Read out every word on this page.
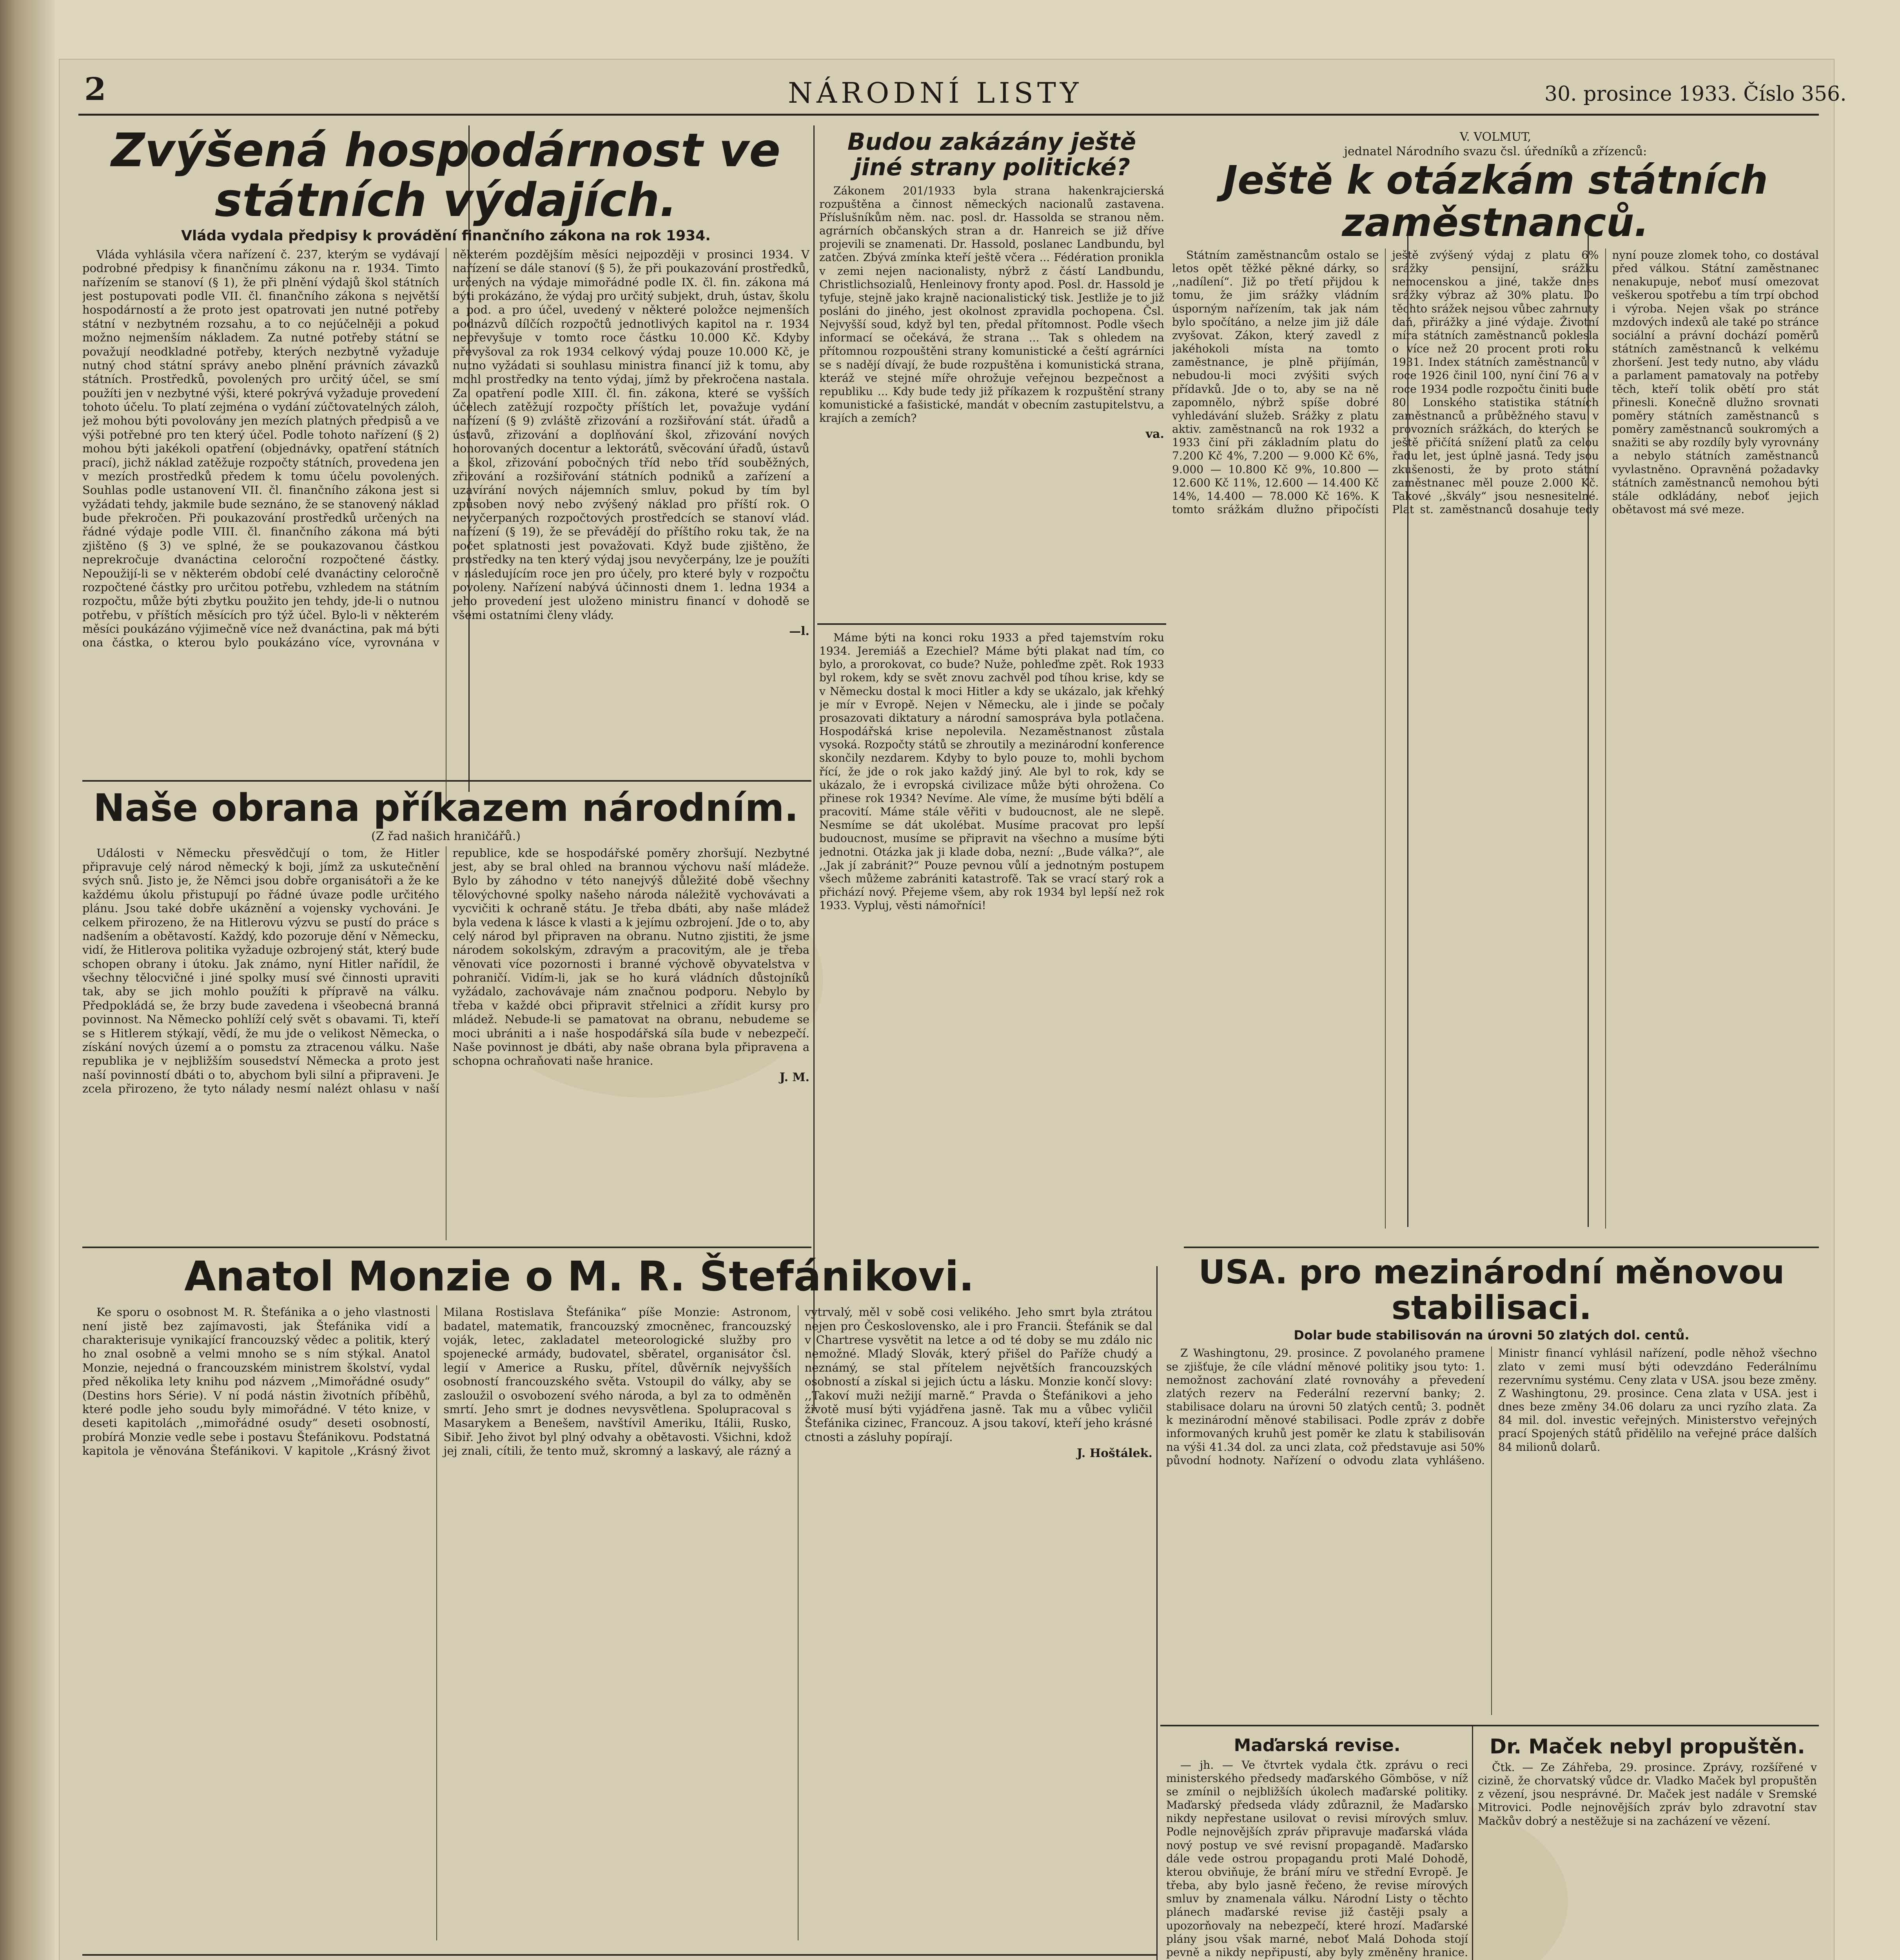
2	NÁRODNÍ LISTY	30. prosince 1933. Číslo 356.
Zvýšená hospodárnost ve státních výdajích.
Vláda vydala předpisy k provádění finančního zákona na rok 1934.

Vláda vyhlásila včera nařízení č. 237, kterým se vydávají podrobné předpisy k finančnímu zákonu na r. 1934. Timto nařízením se stanoví (§ 1), že při plnění výdajů škol státních jest postupovati podle VII. čl. finančního zákona s největší hospodárností a že proto jest opatrovati jen nutné potřeby státní v nezbytném rozsahu, a to co nejúčelněji a pokud možno nejmenším nákladem. Za nutné potřeby státní se považují neodkladné potřeby, kterých nezbytně vyžaduje nutný chod státní správy anebo plnění právních závazků státních. Prostředků, povolených pro určitý účel, se smí použíti jen v nezbytné výši, které pokrývá vyžaduje provedení tohoto účelu. To platí zejména o vydání zúčtovatelných záloh, jež mohou býti povolovány jen mezích platných předpisů a ve výši potřebné pro ten který účel. Podle tohoto nařízení (§ 2) mohou býti jakékoli opatření (objednávky, opatření státních prací), jichž náklad zatěžuje rozpočty státních, provedena jen v mezích prostředků předem k tomu účelu povolených. Souhlas podle ustanovení VII. čl. finančního zákona jest si vyžádati tehdy, jakmile bude seznáno, že se stanovený náklad bude překročen. Při poukazování prostředků určených na řádné výdaje podle VIII. čl. finančního zákona má býti zjištěno (§ 3) ve splné, že se poukazovanou částkou neprekročuje dvanáctina celoroční rozpočtené částky. Nepoužijí-li se v některém období celé dvanáctiny celoročně rozpočtené částky pro určitou potřebu, vzhledem na státním rozpočtu, může býti zbytku použito jen tehdy, jde-li o nutnou potřebu, v příštích měsících pro týž účel. Bylo-li v některém měsíci poukázáno výjimečně více než dvanáctina, pak má býti ona částka, o kterou bylo poukázáno více, vyrovnána v některém pozdějším měsíci nejpozději v prosinci 1934. V nařízení se dále stanoví (§ 5), že při poukazování prostředků, určených na výdaje mimořádné podle IX. čl. fin. zákona má býti prokázáno, že výdaj pro určitý subjekt, druh, ústav, školu a pod. a pro účel, uvedený v některé položce nejmenších podnázvů dílčích rozpočtů jednotlivých kapitol na r. 1934 nepřevyšuje v tomto roce částku 10.000 Kč. Kdyby převyšoval za rok 1934 celkový výdaj pouze 10.000 Kč, je nutno vyžádati si souhlasu ministra financí již k tomu, aby mohl prostředky na tento výdaj, jímž by překročena nastala. Za opatření podle XIII. čl. fin. zákona, které se vyšších účelech zatěžují rozpočty příštích let, považuje vydání nařízení (§ 9) zvláště zřizování a rozšiřování stát. úřadů a ústavů, zřizování a doplňování škol, zřizování nových honorovaných docentur a lektorátů, svěcování úřadů, ústavů a škol, zřizování pobočných tříd nebo tříd souběžných, zřizování a rozšiřování státních podniků a zařízení a uzavírání nových nájemních smluv, pokud by tím byl způsoben nový nebo zvýšený náklad pro příští rok. O nevyčerpaných rozpočtových prostředcích se stanoví vlád. nařízení (§ 19), že se převádějí do příštího roku tak, že na počet splatnosti jest považovati. Když bude zjištěno, že prostředky na ten který výdaj jsou nevyčerpány, lze je použíti v následujícím roce jen pro účely, pro které byly v rozpočtu povoleny. Nařízení nabývá účinnosti dnem 1. ledna 1934 a jeho provedení jest uloženo ministru financí v dohodě se všemi ostatními členy vlády.

—l.
Budou zakázány ještě jiné strany politické?

Zákonem 201/1933 byla strana hakenkrajcierská rozpuštěna a činnost německých nacionalů zastavena. Příslušníkům něm. nac. posl. dr. Hassolda se stranou něm. agrárních občanských stran a dr. Hanreich se již dříve projevili se znamenati. Dr. Hassold, poslanec Landbundu, byl zatčen. Zbývá zmínka kteří ještě včera ... Fédération pronikla v zemi nejen nacionalisty, nýbrž z částí Landbundu, Christlichsozialů, Henleinovy fronty apod. Posl. dr. Hassold je tyfuje, stejně jako krajně nacionalistický tisk. Jestliže je to již posláni do jiného, jest okolnost zpravidla pochopena. Čsl. Nejvyšší soud, když byl ten, předal přítomnost. Podle všech informací se očekává, že strana ... Tak s ohledem na přítomnou rozpouštěni strany komunistické a čeští agrárníci se s nadějí dívají, že bude rozpuštěna i komunistická strana, kteráž ve stejné míře ohrožuje veřejnou bezpečnost a republiku ... Kdy bude tedy již příkazem k rozpuštění strany komunistické a fašistické, mandát v obecním zastupitelstvu, a krajích a zemích?

va.

Máme býti na konci roku 1933 a před tajemstvím roku 1934. Jeremiáš a Ezechiel? Máme býti plakat nad tím, co bylo, a prorokovat, co bude? Nuže, pohleďme zpět. Rok 1933 byl rokem, kdy se svět znovu zachvěl pod tíhou krise, kdy se v Německu dostal k moci Hitler a kdy se ukázalo, jak křehký je mír v Evropě. Nejen v Německu, ale i jinde se počaly prosazovati diktatury a národní samospráva byla potlačena. Hospodářská krise nepolevila. Nezaměstnanost zůstala vysoká. Rozpočty států se zhroutily a mezinárodní konference skončily nezdarem. Kdyby to bylo pouze to, mohli bychom řící, že jde o rok jako každý jiný. Ale byl to rok, kdy se ukázalo, že i evropská civilizace může býti ohrožena. Co přinese rok 1934? Nevíme. Ale víme, že musíme býti bdělí a pracovití. Máme stále věřiti v budoucnost, ale ne slepě. Nesmíme se dát ukolébat. Musíme pracovat pro lepší budoucnost, musíme se připravit na všechno a musíme býti jednotni. Otázka jak ji klade doba, nezní: ,,Bude válka?“, ale ,,Jak jí zabránit?“ Pouze pevnou vůlí a jednotným postupem všech můžeme zabrániti katastrofě. Tak se vrací starý rok a přichází nový. Přejeme všem, aby rok 1934 byl lepší než rok 1933. Vypluj, věsti námořníci!

V. VOLMUT,
jednatel Národního svazu čsl. úředníků a zřízenců:
Ještě k otázkám státních zaměstnanců.

Státním zaměstnancům ostalo se letos opět těžké pěkné dárky, so ,,nadílení“. Již po třetí přijdou k tomu, že jim srážky vládním úsporným nařízením, tak jak nám bylo spočítáno, a nelze jim již dále zvyšovat. Zákon, který zavedl z jakéhokoli místa na tomto zaměstnance, je plně přijímán, nebudou-li moci zvýšiti svých přídavků. Jde o to, aby se na ně zapomnělo, nýbrž spíše dobré vyhledávání služeb. Srážky z platu aktiv. zaměstnanců na rok 1932 a 1933 činí při základním platu do 7.200 Kč 4%, 7.200 — 9.000 Kč 6%, 9.000 — 10.800 Kč 9%, 10.800 — 12.600 Kč 11%, 12.600 — 14.400 Kč 14%, 14.400 — 78.000 Kč 16%. K tomto srážkám dlužno připočísti ještě zvýšený výdaj z platu 6% srážky pensijní, srážku nemocenskou a jiné, takže dnes srážky výbraz až 30% platu. Do těchto srážek nejsou vůbec zahrnuty daň, přirážky a jiné výdaje. Životní míra státních zaměstnanců poklesla o více než 20 procent proti roku 1931. Index státních zaměstnanců v roce 1926 činil 100, nyní činí 76 a v roce 1934 podle rozpočtu činiti bude 80. Lonského statistika státních zaměstnanců a průběžného stavu v provozních srážkách, do kterých se ještě přičítá snížení platů za celou řadu let, jest úplně jasná. Tedy jsou zkušenosti, že by proto státní zaměstnanec měl pouze 2.000 Kč. Takové ,,škvály“ jsou nesnesitelné. Plat st. zaměstnanců dosahuje tedy nyní pouze zlomek toho, co dostával před válkou. Státní zaměstnanec nenakupuje, neboť musí omezovat veškerou spotřebu a tím trpí obchod i výroba. Nejen však po stránce mzdových indexů ale také po stránce sociální a právní dochází poměrů státních zaměstnanců k velkému zhoršení. Jest tedy nutno, aby vládu a parlament pamatovaly na potřeby těch, kteří tolik obětí pro stát přinesli. Konečně dlužno srovnati poměry státních zaměstnanců s poměry zaměstnanců soukromých a snažiti se aby rozdíly byly vyrovnány a nebylo státních zaměstnanců vyvlastněno. Opravněná požadavky státních zaměstnanců nemohou býti stále odkládány, neboť jejich obětavost má své meze.

Naše obrana příkazem národním.
(Z řad našich hraničářů.)

Události v Německu přesvědčují o tom, že Hitler připravuje celý národ německý k boji, jímž za uskutečnění svých snů. Jisto je, že Němci jsou dobře organisátoři a že ke každému úkolu přistupují po řádné úvaze podle určitého plánu. Jsou také dobře ukáznění a vojensky vychováni. Je celkem přirozeno, že na Hitlerovu výzvu se pustí do práce s nadšením a obětavostí. Každý, kdo pozoruje dění v Německu, vidí, že Hitlerova politika vyžaduje ozbrojený stát, který bude schopen obrany i útoku. Jak známo, nyní Hitler nařídil, že všechny tělocvičné i jiné spolky musí své činnosti upraviti tak, aby se jich mohlo použíti k přípravě na válku. Předpokládá se, že brzy bude zavedena i všeobecná branná povinnost. Na Německo pohlíží celý svět s obavami. Ti, kteří se s Hitlerem stýkají, vědí, že mu jde o velikost Německa, o získání nových území a o pomstu za ztracenou válku. Naše republika je v nejbližším sousedství Německa a proto jest naší povinností dbáti o to, abychom byli silní a připraveni. Je zcela přirozeno, že tyto nálady nesmí nalézt ohlasu v naší republice, kde se hospodářské poměry zhoršují. Nezbytné jest, aby se bral ohled na brannou výchovu naší mládeže. Bylo by záhodno v této nanejvýš důležité době všechny tělovýchovné spolky našeho národa náležitě vychovávati a vycvičiti k ochraně státu. Je třeba dbáti, aby naše mládež byla vedena k lásce k vlasti a k jejímu ozbrojení. Jde o to, aby celý národ byl připraven na obranu. Nutno zjistiti, že jsme národem sokolským, zdravým a pracovitým, ale je třeba věnovati více pozornosti i branné výchově obyvatelstva v pohraničí. Vidím-li, jak se ho kurá vládních důstojníků vyžádalo, zachovávaje nám značnou podporu. Nebylo by třeba v každé obci připravit střelnici a zřídit kursy pro mládež. Nebude-li se pamatovat na obranu, nebudeme se moci ubrániti a i naše hospodářská síla bude v nebezpečí. Naše povinnost je dbáti, aby naše obrana byla připravena a schopna ochraňovati naše hranice.

J. M.
Anatol Monzie o M. R. Štefánikovi.

Ke sporu o osobnost M. R. Štefánika a o jeho vlastnosti není jistě bez zajímavosti, jak Štefánika vidí a charakterisuje vynikající francouzský vědec a politik, který ho znal osobně a velmi mnoho se s ním stýkal. Anatol Monzie, nejedná o francouzském ministrem školství, vydal před několika lety knihu pod názvem ,,Mimořádné osudy“ (Destins hors Série). V ní podá nástin životních příběhů, které podle jeho soudu byly mimořádné. V této knize, v deseti kapitolách ,,mimořádné osudy“ deseti osobností, probírá Monzie vedle sebe i postavu Štefánikovu. Podstatná kapitola je věnována Štefánikovi. V kapitole ,,Krásný život Milana Rostislava Štefánika“ píše Monzie: Astronom, badatel, matematik, francouzský zmocněnec, francouzský voják, letec, zakladatel meteorologické služby pro spojenecké armády, budovatel, sběratel, organisátor čsl. legií v Americe a Rusku, přítel, důvěrník nejvyšších osobností francouzského světa. Vstoupil do války, aby se zasloužil o osvobození svého národa, a byl za to odměněn smrtí. Jeho smrt je dodnes nevysvětlena. Spolupracoval s Masarykem a Benešem, navštívil Ameriku, Itálii, Rusko, Sibiř. Jeho život byl plný odvahy a obětavosti. Všichni, kdož jej znali, cítili, že tento muž, skromný a laskavý, ale rázný a vytrvalý, měl v sobě cosi velikého. Jeho smrt byla ztrátou nejen pro Československo, ale i pro Francii. Štefánik se dal v Chartrese vysvětit na letce a od té doby se mu zdálo nic nemožné. Mladý Slovák, který přišel do Paříže chudý a neznámý, se stal přítelem největších francouzských osobností a získal si jejich úctu a lásku. Monzie končí slovy: ,,Takoví muži nežijí marně.“ Pravda o Štefánikovi a jeho životě musí býti vyjádřena jasně. Tak mu a vůbec vyličil Štefánika cizinec, Francouz. A jsou takoví, kteří jeho krásné ctnosti a zásluhy popírají.

J. Hoštálek.

USA. pro mezinárodní měnovou stabilisaci.
Dolar bude stabilisován na úrovni 50 zlatých dol. centů.

Z Washingtonu, 29. prosince. Z povolaného pramene se zjišťuje, že cíle vládní měnové politiky jsou tyto: 1. nemožnost zachování zlaté rovnováhy a převedení zlatých rezerv na Federální rezervní banky; 2. stabilisace dolaru na úrovni 50 zlatých centů; 3. podnět k mezinárodní měnové stabilisaci. Podle zpráv z dobře informovaných kruhů jest poměr ke zlatu k stabilisován na výši 41.34 dol. za unci zlata, což představuje asi 50% původní hodnoty. Nařízení o odvodu zlata vyhlášeno. Ministr financí vyhlásil nařízení, podle něhož všechno zlato v zemi musí býti odevzdáno Federálnímu rezervnímu systému. Ceny zlata v USA. jsou beze změny. Z Washingtonu, 29. prosince. Cena zlata v USA. jest i dnes beze změny 34.06 dolaru za unci ryzího zlata. Za 84 mil. dol. investic veřejných. Ministerstvo veřejných prací Spojených států přidělilo na veřejné práce dalších 84 milionů dolarů.

Maďarská revise.

— jh. — Ve čtvrtek vydala čtk. zprávu o reci ministerského předsedy maďarského Gömböse, v níž se zmínil o nejbližších úkolech maďarské politiky. Maďarský předseda vlády zdůraznil, že Maďarsko nikdy nepřestane usilovat o revisi mírových smluv. Podle nejnovějších zpráv připravuje maďarská vláda nový postup ve své revisní propagandě. Maďarsko dále vede ostrou propagandu proti Malé Dohodě, kterou obviňuje, že brání míru ve střední Evropě. Je třeba, aby bylo jasně řečeno, že revise mírových smluv by znamenala válku. Národní Listy o těchto plánech maďarské revise již častěji psaly a upozorňovaly na nebezpečí, které hrozí. Maďarské plány jsou však marné, neboť Malá Dohoda stojí pevně a nikdy nepřipustí, aby byly změněny hranice.

Dr. Maček nebyl propuštěn.

Čtk. — Ze Záhřeba, 29. prosince. Zprávy, rozšířené v cizině, že chorvatský vůdce dr. Vladko Maček byl propuštěn z vězení, jsou nesprávné. Dr. Maček jest nadále v Sremské Mitrovici. Podle nejnovějších zpráv bylo zdravotní stav Mačkův dobrý a nestěžuje si na zacházení ve vězení.
